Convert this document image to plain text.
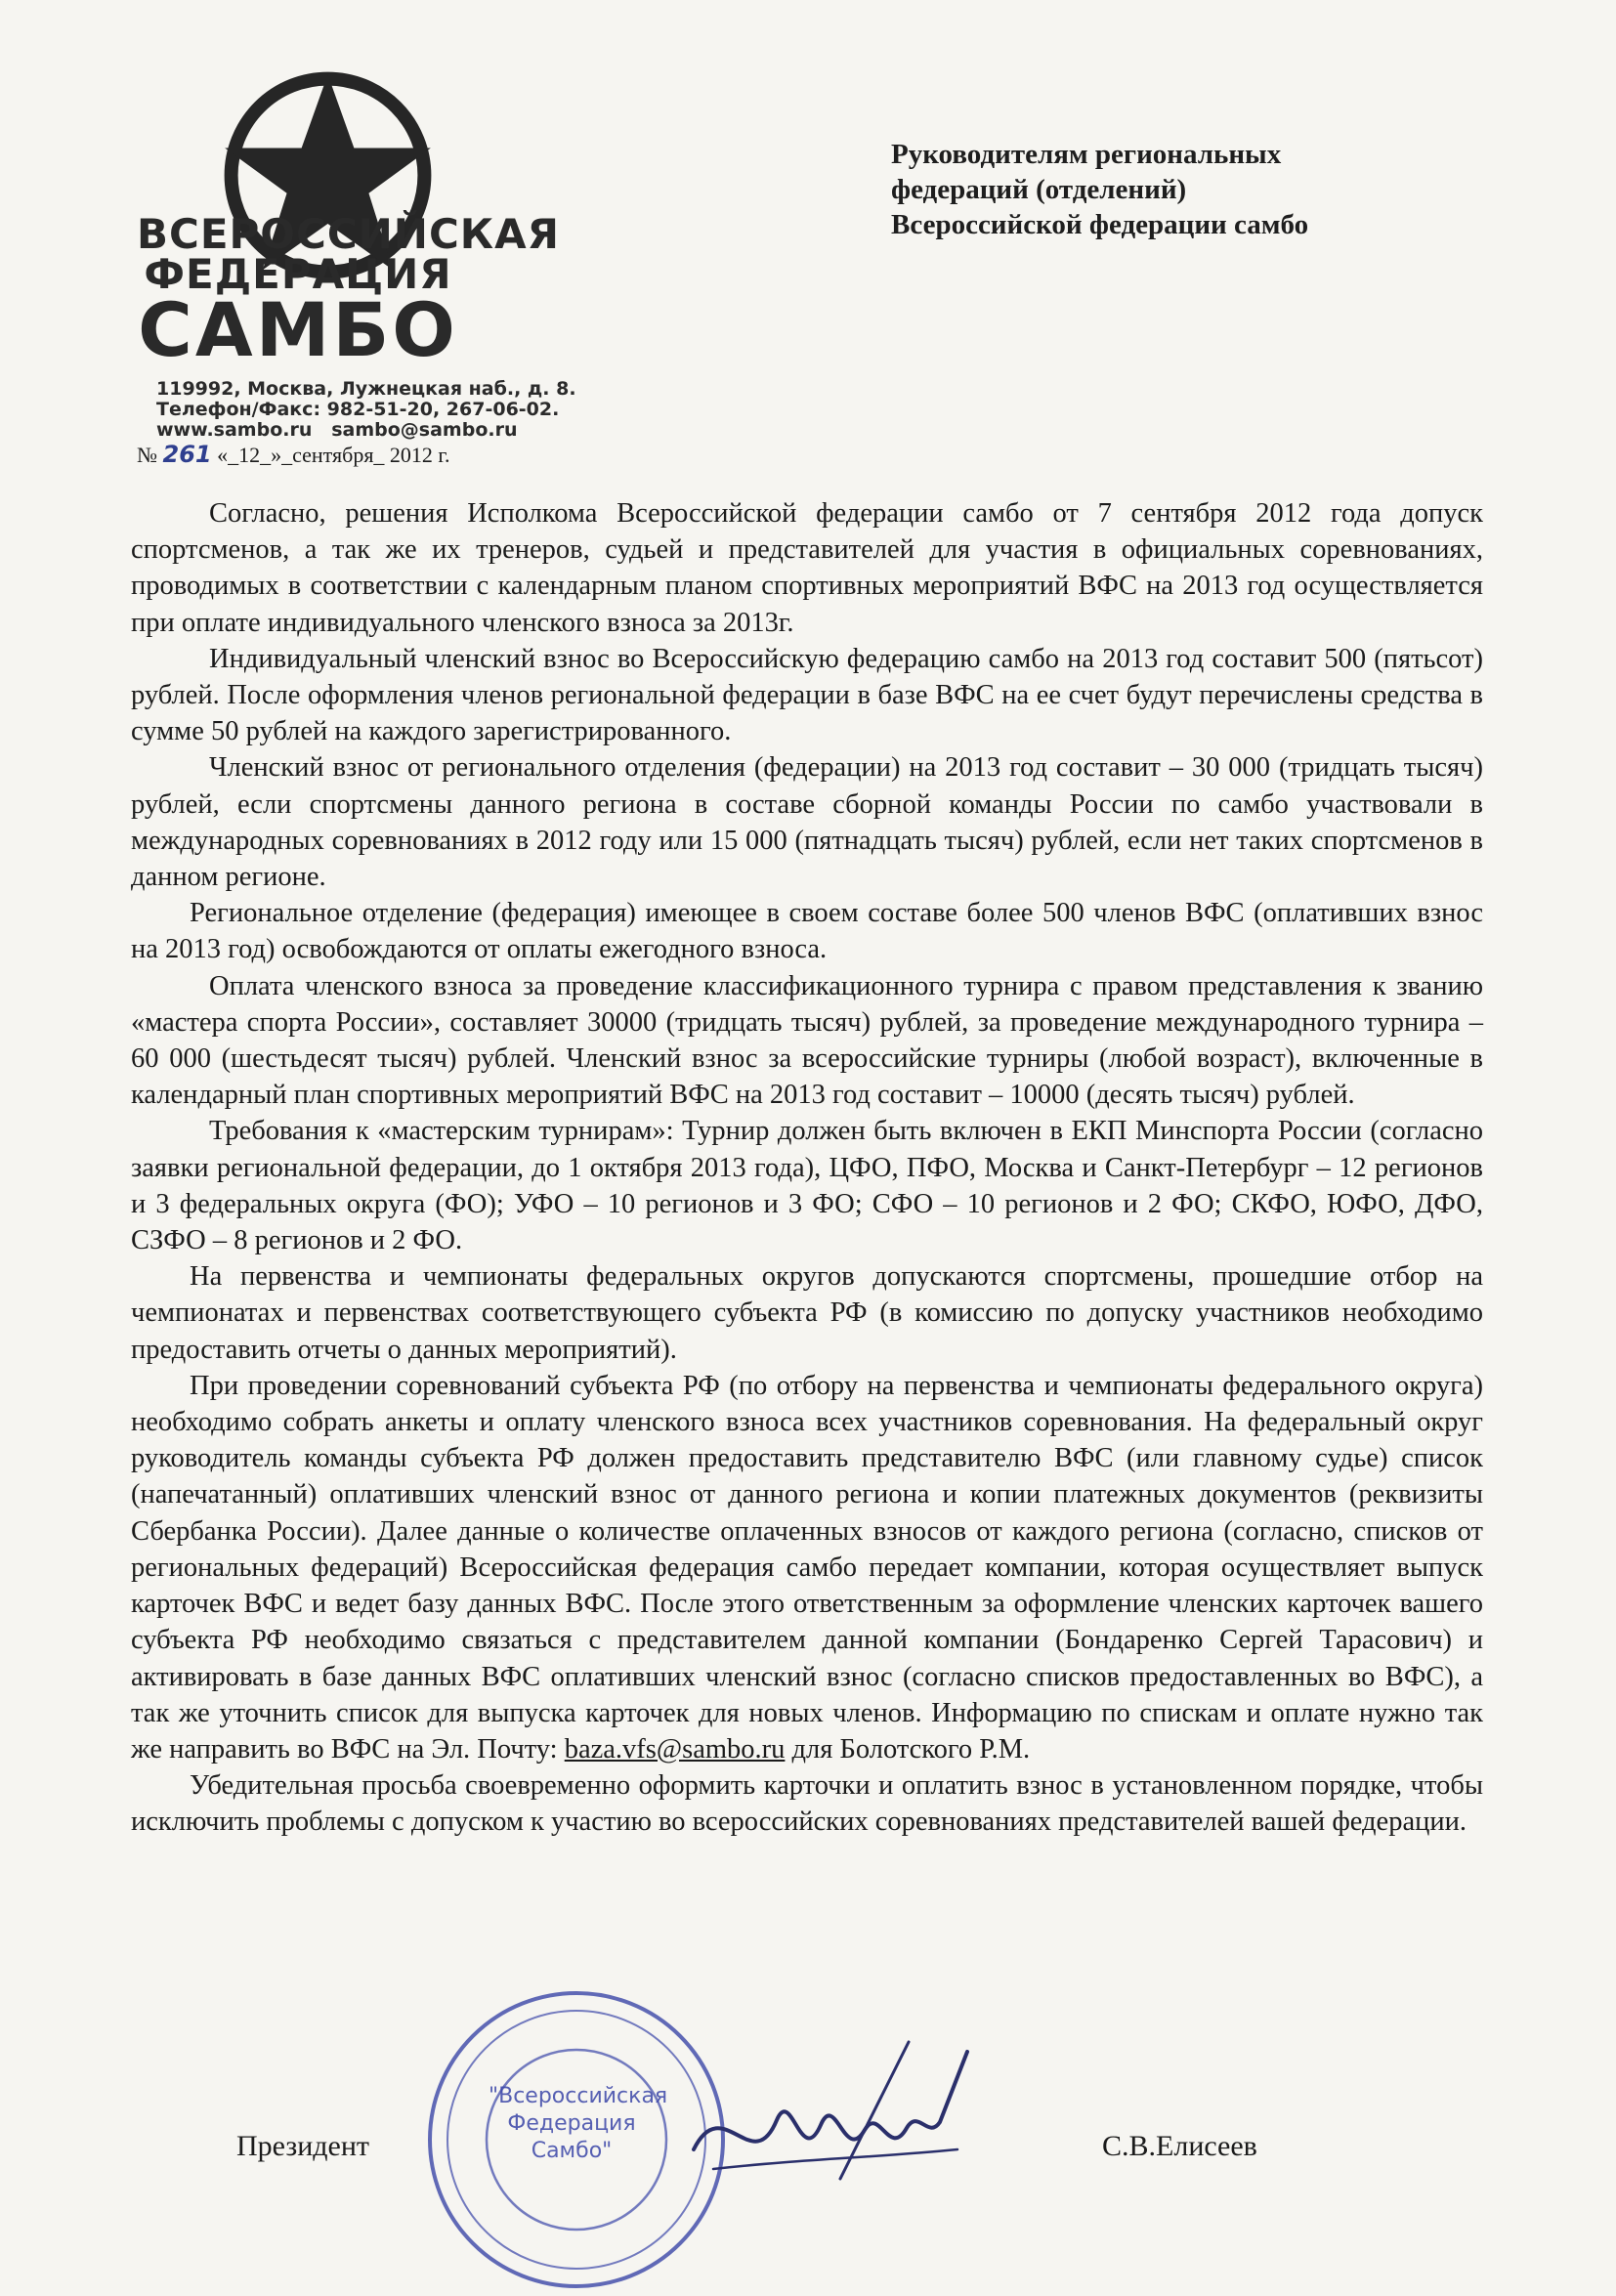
ВСЕРОССИЙСКАЯ
ФЕДЕРАЦИЯ
САМБО
119992, Москва, Лужнецкая наб., д. 8.
Телефон/Факс: 982-51-20, 267-06-02.
www.sambo.ru sambo@sambo.ru
№ 261 «_12_»_сентября_ 2012 г.
Руководителям региональных
федераций (отделений)
Всероссийской федерации самбо

Согласно, решения Исполкома Всероссийской федерации самбо от 7 сентября 2012 года допуск спортсменов, а так же их тренеров, судьей и представителей для участия в официальных соревнованиях, проводимых в соответствии с календарным планом спортивных мероприятий ВФС на 2013 год осуществляется при оплате индивидуального членского взноса за 2013г.

Индивидуальный членский взнос во Всероссийскую федерацию самбо на 2013 год составит 500 (пятьсот) рублей. После оформления членов региональной федерации в базе ВФС на ее счет будут перечислены средства в сумме 50 рублей на каждого зарегистрированного.

Членский взнос от регионального отделения (федерации) на 2013 год составит – 30 000 (тридцать тысяч) рублей, если спортсмены данного региона в составе сборной команды России по самбо участвовали в международных соревнованиях в 2012 году или 15 000 (пятнадцать тысяч) рублей, если нет таких спортсменов в данном регионе.

Региональное отделение (федерация) имеющее в своем составе более 500 членов ВФС (оплативших взнос на 2013 год) освобождаются от оплаты ежегодного взноса.

Оплата членского взноса за проведение классификационного турнира с правом представления к званию «мастера спорта России», составляет 30000 (тридцать тысяч) рублей, за проведение международного турнира – 60 000 (шестьдесят тысяч) рублей. Членский взнос за всероссийские турниры (любой возраст), включенные в календарный план спортивных мероприятий ВФС на 2013 год составит – 10000 (десять тысяч) рублей.

Требования к «мастерским турнирам»: Турнир должен быть включен в ЕКП Минспорта России (согласно заявки региональной федерации, до 1 октября 2013 года), ЦФО, ПФО, Москва и Санкт-Петербург – 12 регионов и 3 федеральных округа (ФО); УФО – 10 регионов и 3 ФО; СФО – 10 регионов и 2 ФО; СКФО, ЮФО, ДФО, СЗФО – 8 регионов и 2 ФО.

На первенства и чемпионаты федеральных округов допускаются спортсмены, прошедшие отбор на чемпионатах и первенствах соответствующего субъекта РФ (в комиссию по допуску участников необходимо предоставить отчеты о данных мероприятий).

При проведении соревнований субъекта РФ (по отбору на первенства и чемпионаты федерального округа) необходимо собрать анкеты и оплату членского взноса всех участников соревнования. На федеральный округ руководитель команды субъекта РФ должен предоставить представителю ВФС (или главному судье) список (напечатанный) оплативших членский взнос от данного региона и копии платежных документов (реквизиты Сбербанка России). Далее данные о количестве оплаченных взносов от каждого региона (согласно, списков от региональных федераций) Всероссийская федерация самбо передает компании, которая осуществляет выпуск карточек ВФС и ведет базу данных ВФС. После этого ответственным за оформление членских карточек вашего субъекта РФ необходимо связаться с представителем данной компании (Бондаренко Сергей Тарасович) и активировать в базе данных ВФС оплативших членский взнос (согласно списков предоставленных во ВФС), а так же уточнить список для выпуска карточек для новых членов. Информацию по спискам и оплате нужно так же направить во ВФС на Эл. Почту: baza.vfs@sambo.ru для Болотского Р.М.

Убедительная просьба своевременно оформить карточки и оплатить взнос в установленном порядке, чтобы исключить проблемы с допуском к участию во всероссийских соревнованиях представителей вашей федерации.

"Всероссийская Федерация Самбо"
Президент	С.В.Елисеев
